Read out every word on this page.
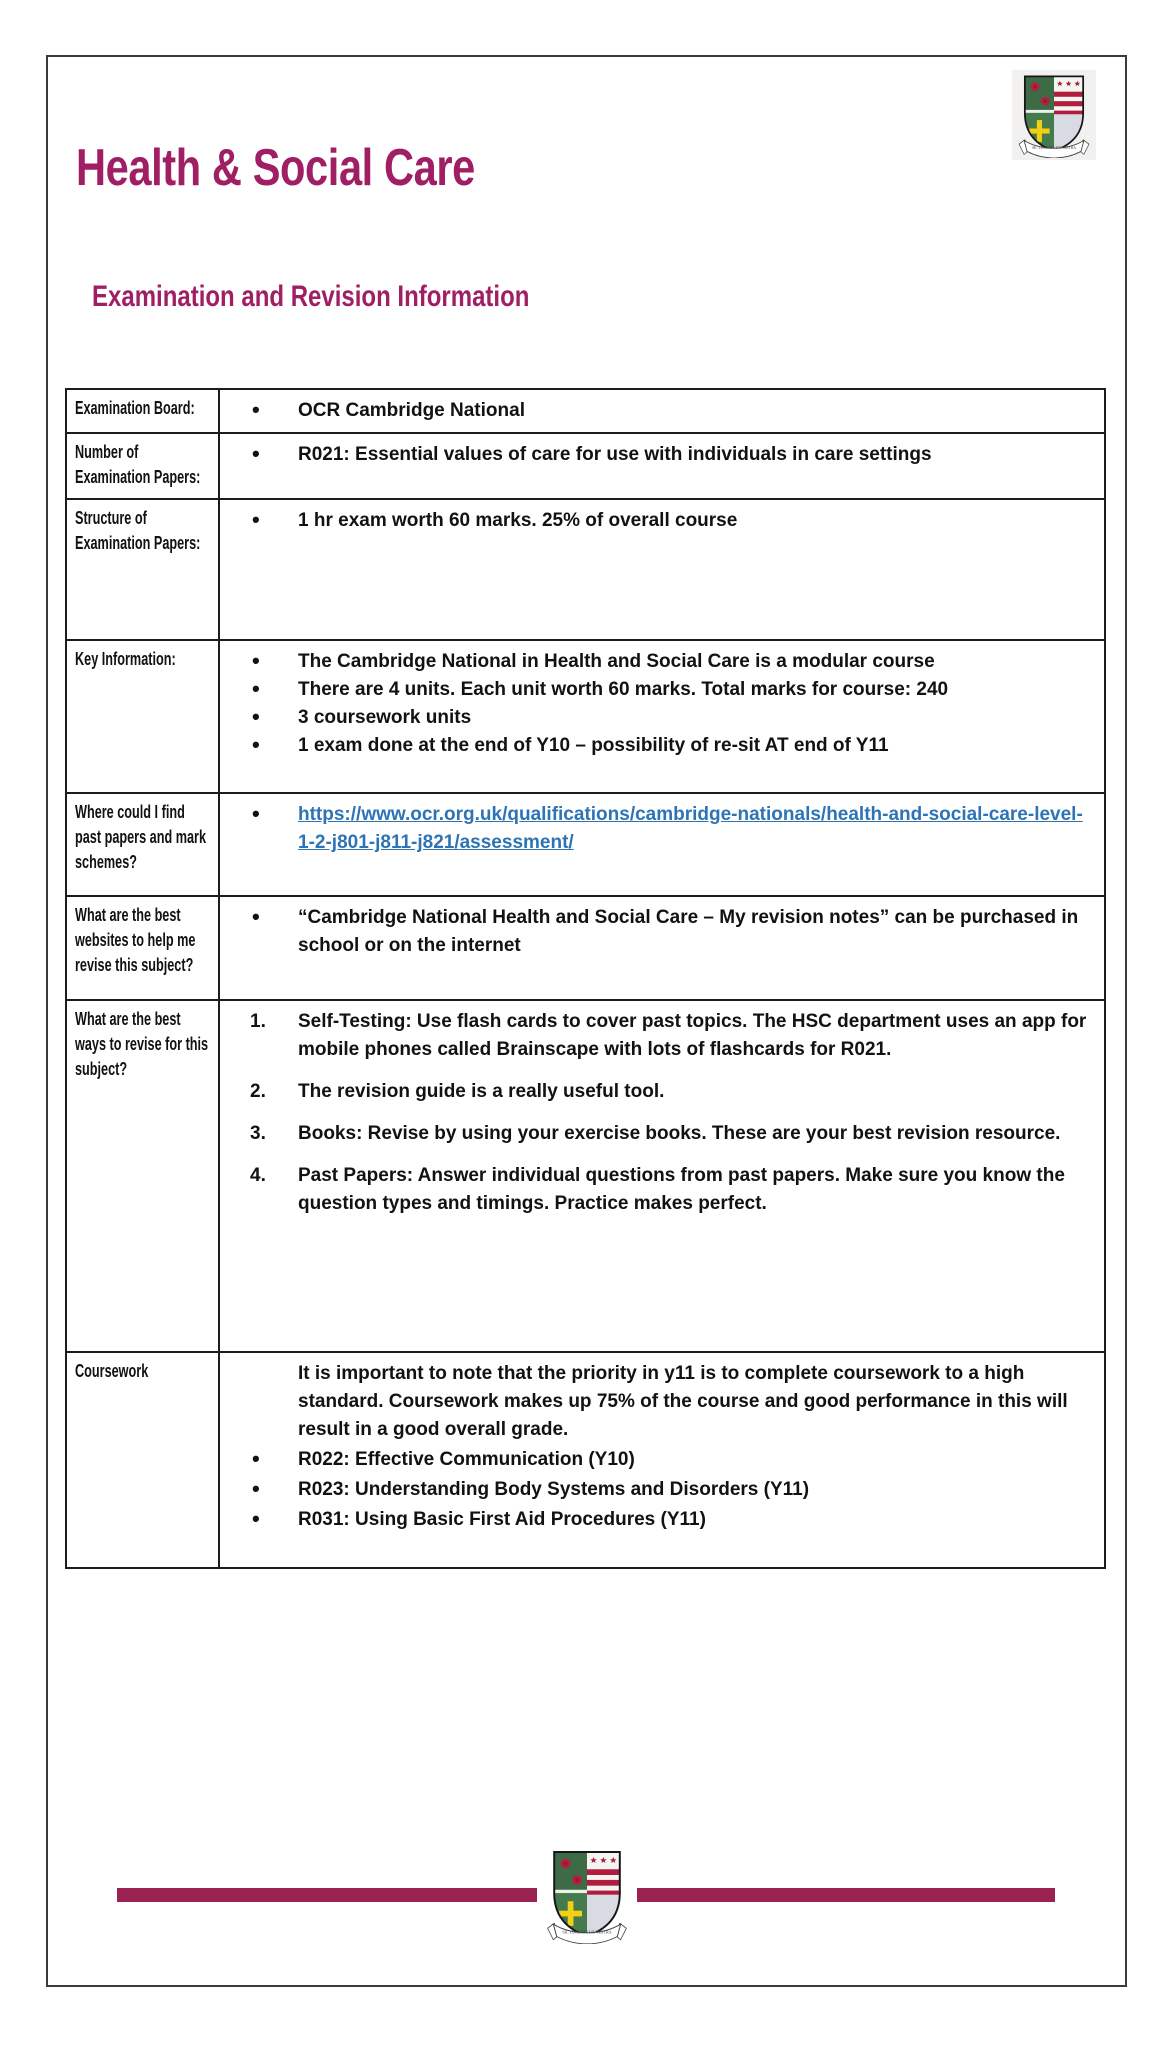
SIC LUCEAT LUX VESTRA
Health & Social Care
Examination and Revision Information
Examination Board:	
•OCR Cambridge National

Number of Examination Papers:	
• R021: Essential values of care for use with individuals in care settings

Structure of Examination Papers:	
• 1 hr exam worth 60 marks. 25% of overall course

Key Information:	
•The Cambridge National in Health and Social Care is a modular course
• There are 4 units. Each unit worth 60 marks. Total marks for course: 240
• 3 coursework units
• 1 exam done at the end of Y10 – possibility of re-sit AT end of Y11

Where could I find past papers and mark schemes?	
• https://www.ocr.org.uk/qualifications/cambridge-nationals/health-and-social-care-level-1-2-j801-j811-j821/assessment/

What are the best websites to help me revise this subject?	
• “Cambridge National Health and Social Care – My revision notes” can be purchased in school or on the internet

What are the best ways to revise for this subject?	
Self-Testing: Use flash cards to cover past topics. The HSC department uses an app for mobile phones called Brainscape with lots of flashcards for R021.
The revision guide is a really useful tool.
Books: Revise by using your exercise books. These are your best revision resource.
Past Papers: Answer individual questions from past papers. Make sure you know the question types and timings. Practice makes perfect.

Coursework	It is important to note that the priority in y11 is to complete coursework to a high standard. Coursework makes up 75% of the course and good performance in this will result in a good overall grade.
• R022: Effective Communication (Y10)
• R023: Understanding Body Systems and Disorders (Y11)
• R031: Using Basic First Aid Procedures (Y11)
SIC LUCEAT LUX VESTRA
